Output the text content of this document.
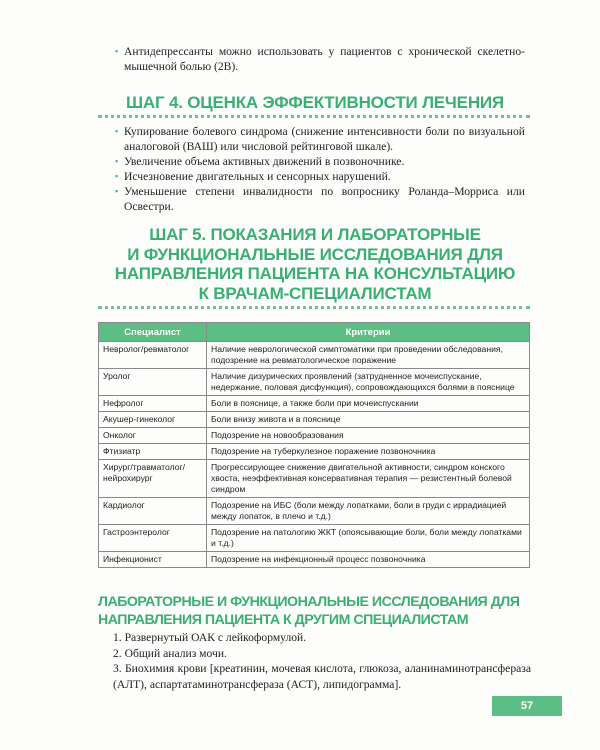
▪ Антидепрессанты можно использовать у пациентов с хронической скелетно-мышечной болью (2В).
ШАГ 4. ОЦЕНКА ЭФФЕКТИВНОСТИ ЛЕЧЕНИЯ
▪ Купирование болевого синдрома (снижение интенсивности боли по визуальной аналоговой (ВАШ) или числовой рейтинговой шкале).
▪ Увеличение объема активных движений в позвоночнике.
▪ Исчезновение двигательных и сенсорных нарушений.
▪ Уменьшение степени инвалидности по вопроснику Роланда–Морриса или Освестри.
ШАГ 5. ПОКАЗАНИЯ И ЛАБОРАТОРНЫЕ
И ФУНКЦИОНАЛЬНЫЕ ИССЛЕДОВАНИЯ ДЛЯ
НАПРАВЛЕНИЯ ПАЦИЕНТА НА КОНСУЛЬТАЦИЮ
К ВРАЧАМ-СПЕЦИАЛИСТАМ
Специалист	Критерии
Невролог/ревматолог	Наличие неврологической симптоматики при проведении обследования, подозрение на ревматологическое поражение
Уролог	Наличие дизурических проявлений (затрудненное мочеиспускание, недержание, половая дисфункция), сопровождающихся болями в пояснице
Нефролог	Боли в пояснице, а также боли при мочеиспускании
Акушер-гинеколог	Боли внизу живота и в пояснице
Онколог	Подозрение на новообразования
Фтизиатр	Подозрение на туберкулезное поражение позвоночника
Хирург/травматолог/нейрохирург	Прогрессирующее снижение двигательной активности, синдром конского хвоста, неэффективная консервативная терапия — резистентный болевой синдром
Кардиолог	Подозрение на ИБС (боли между лопатками, боли в груди с иррадиацией между лопаток, в плечо и т.д.)
Гастроэнтеролог	Подозрение на патологию ЖКТ (опоясывающие боли, боли между лопатками и т.д.)
Инфекционист	Подозрение на инфекционный процесс позвоночника
ЛАБОРАТОРНЫЕ И ФУНКЦИОНАЛЬНЫЕ ИССЛЕДОВАНИЯ ДЛЯ
НАПРАВЛЕНИЯ ПАЦИЕНТА К ДРУГИМ СПЕЦИАЛИСТАМ
1. Развернутый ОАК с лейкоформулой.
2. Общий анализ мочи.
3. Биохимия крови [креатинин, мочевая кислота, глюкоза, аланинаминотрансфераза (АЛТ), аспартатаминотрансфераза (АСТ), липидограмма].
57
